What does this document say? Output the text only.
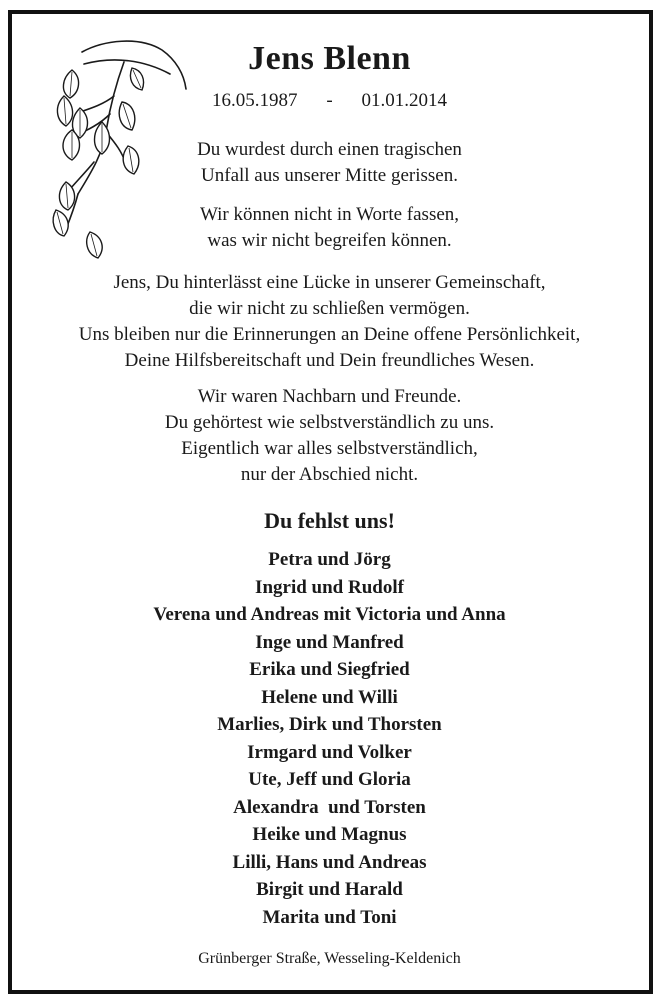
Jens Blenn
16.05.1987 - 01.01.2014
Du wurdest durch einen tragischen
Unfall aus unserer Mitte gerissen.
Wir können nicht in Worte fassen,
was wir nicht begreifen können.
Jens, Du hinterlässt eine Lücke in unserer Gemeinschaft,
die wir nicht zu schließen vermögen.
Uns bleiben nur die Erinnerungen an Deine offene Persönlichkeit,
Deine Hilfsbereitschaft und Dein freundliches Wesen.
Wir waren Nachbarn und Freunde.
Du gehörtest wie selbstverständlich zu uns.
Eigentlich war alles selbstverständlich,
nur der Abschied nicht.
Du fehlst uns!
Petra und Jörg
Ingrid und Rudolf
Verena und Andreas mit Victoria und Anna
Inge und Manfred
Erika und Siegfried
Helene und Willi
Marlies, Dirk und Thorsten
Irmgard und Volker
Ute, Jeff und Gloria
Alexandra  und Torsten
Heike und Magnus
Lilli, Hans und Andreas
Birgit und Harald
Marita und Toni
Grünberger Straße, Wesseling-Keldenich
